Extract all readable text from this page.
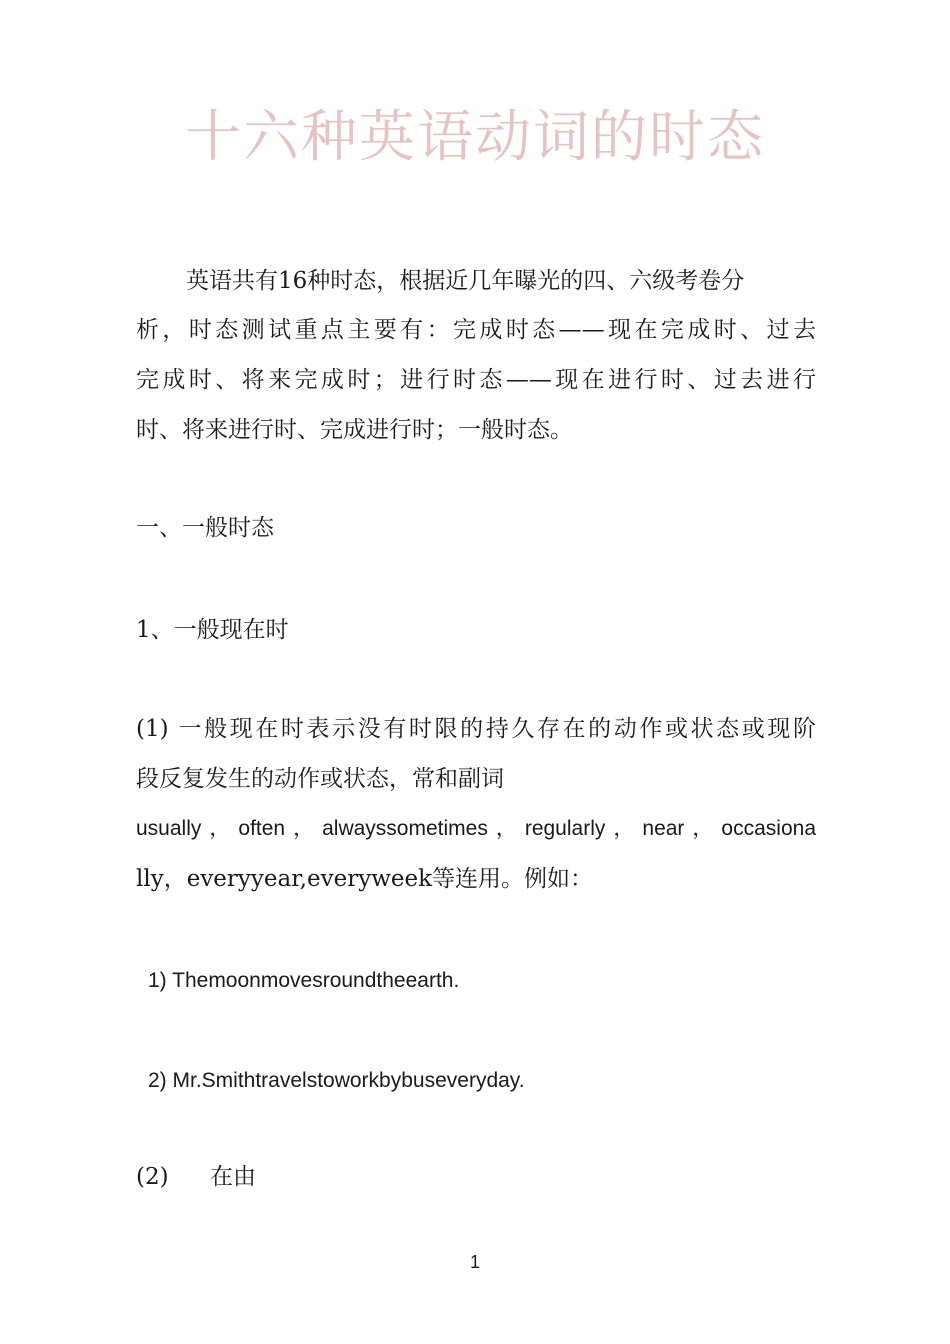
十六种英语动词的时态
英语共有16种时态，根据近几年曝光的四、六级考卷分
析，时态测试重点主要有：完成时态——现在完成时、过去
完成时、将来完成时；进行时态——现在进行时、过去进行
时、将来进行时、完成进行时；一般时态。
一、一般时态
1、一般现在时
(1) 一般现在时表示没有时限的持久存在的动作或状态或现阶
段反复发生的动作或状态，常和副词
usually，often，alwayssometimes，regularly，near，occasiona
lly，everyyear,everyweek等连用。例如：
1) Themoonmovesroundtheearth.
2) Mr.Smithtravelstoworkbybuseveryday.
(2) 在由
1
